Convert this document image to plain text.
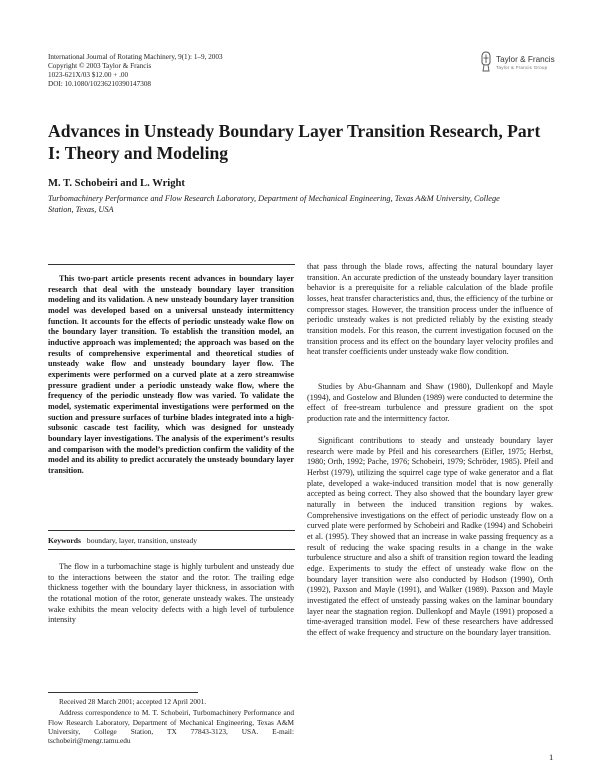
International Journal of Rotating Machinery, 9(1): 1–9, 2003
Copyright © 2003 Taylor & Francis
1023-621X/03 $12.00 + .00
DOI: 10.1080/10236210390147308
Taylor & Francis
Taylor & Francis Group
Advances in Unsteady Boundary Layer Transition Research, Part I: Theory and Modeling

M. T. Schobeiri and L. Wright

Turbomachinery Performance and Flow Research Laboratory, Department of Mechanical Engineering, Texas A&M University, College Station, Texas, USA

This two-part article presents recent advances in boundary layer research that deal with the unsteady boundary layer transition modeling and its validation. A new unsteady boundary layer transition model was developed based on a universal unsteady intermittency function. It accounts for the effects of periodic unsteady wake flow on the boundary layer transition. To establish the transition model, an inductive approach was implemented; the approach was based on the results of comprehensive experimental and theoretical studies of unsteady wake flow and unsteady boundary layer flow. The experiments were performed on a curved plate at a zero streamwise pressure gradient under a periodic unsteady wake flow, where the frequency of the periodic unsteady flow was varied. To validate the model, systematic experimental investigations were performed on the suction and pressure surfaces of turbine blades integrated into a high-subsonic cascade test facility, which was designed for unsteady boundary layer investigations. The analysis of the experiment’s results and comparison with the model’s prediction confirm the validity of the model and its ability to predict accurately the unsteady boundary layer transition.

Keywords boundary, layer, transition, unsteady

The flow in a turbomachine stage is highly turbulent and unsteady due to the interactions between the stator and the rotor. The trailing edge thickness together with the boundary layer thickness, in association with the rotational motion of the rotor, generate unsteady wakes. The unsteady wake exhibits the mean velocity defects with a high level of turbulence intensity

Received 28 March 2001; accepted 12 April 2001.

Address correspondence to M. T. Schobeiri, Turbomachinery Performance and Flow Research Laboratory, Department of Mechanical Engineering, Texas A&M University, College Station, TX 77843-3123, USA. E-mail: tschobeiri@mengr.tamu.edu

that pass through the blade rows, affecting the natural boundary layer transition. An accurate prediction of the unsteady boundary layer transition behavior is a prerequisite for a reliable calculation of the blade profile losses, heat transfer characteristics and, thus, the efficiency of the turbine or compressor stages. However, the transition process under the influence of periodic unsteady wakes is not predicted reliably by the existing steady transition models. For this reason, the current investigation focused on the transition process and its effect on the boundary layer velocity profiles and heat transfer coefficients under unsteady wake flow condition.

Studies by Abu-Ghannam and Shaw (1980), Dullenkopf and Mayle (1994), and Gostelow and Blunden (1989) were conducted to determine the effect of free-stream turbulence and pressure gradient on the spot production rate and the intermittency factor.

Significant contributions to steady and unsteady boundary layer research were made by Pfeil and his coresearchers (Eifler, 1975; Herbst, 1980; Orth, 1992; Pache, 1976; Schobeiri, 1979; Schröder, 1985). Pfeil and Herbst (1979), utilizing the squirrel cage type of wake generator and a flat plate, developed a wake-induced transition model that is now generally accepted as being correct. They also showed that the boundary layer grew naturally in between the induced transition regions by wakes. Comprehensive investigations on the effect of periodic unsteady flow on a curved plate were performed by Schobeiri and Radke (1994) and Schobeiri et al. (1995). They showed that an increase in wake passing frequency as a result of reducing the wake spacing results in a change in the wake turbulence structure and also a shift of transition region toward the leading edge. Experiments to study the effect of unsteady wake flow on the boundary layer transition were also conducted by Hodson (1990), Orth (1992), Paxson and Mayle (1991), and Walker (1989). Paxson and Mayle investigated the effect of unsteady passing wakes on the laminar boundary layer near the stagnation region. Dullenkopf and Mayle (1991) proposed a time-averaged transition model. Few of these researchers have addressed the effect of wake frequency and structure on the boundary layer transition.

1
